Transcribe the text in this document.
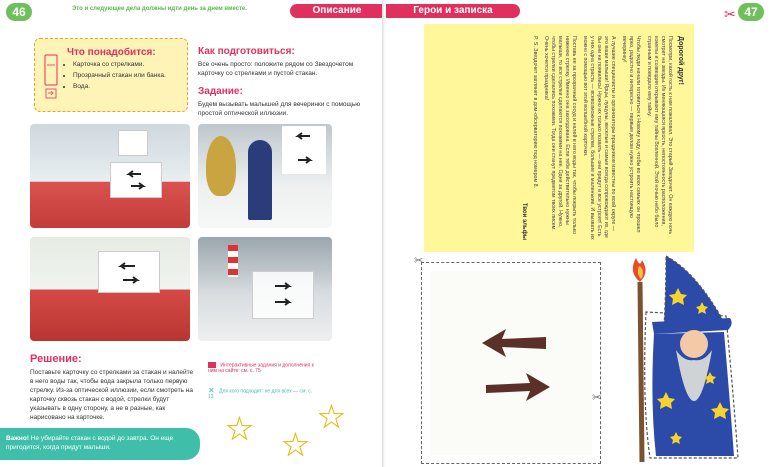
46	Это и следующее дела должны идти день за днем вместе.	Описание
Что понадобится:
• Карточка со стрелками.
• Прозрачный стакан или банка.
• Вода.
Как подготовиться:
Все очень просто: положите рядом со Звездочетом карточку со стрелками и пустой стакан.
Задание:
Будем вызывать малышей для вечеринки с помощью простой оптической иллюзии.
Решение:
Поставьте карточку со стрелками за стакан и налейте в него воды так, чтобы вода закрыла только первую стрелку. Из-за оптической иллюзии, если смотреть на карточку сквозь стакан с водой, стрелки будут указывать в одну сторону, а не в разные, как нарисовано на карточке.
Интерактивные задания и дополнения к ним на сайте: см. с. 75
✕ Для кого подходит: не для всех — см. с. 13
★ ★
★
Важно! Не убирайте стакан с водой до завтра. Он еще пригодится, когда придут малыши.
Герои и записка	✂ 47
Дорогой друг!

Посмотри, какой гость к нам пожаловал. Это старый Звездочет. Он каждую ночь смотрит на звезды. Их меняющаяся яркость, непостоянность расположения, кометы и созвездия открывают ему тайны Вселенной. Этой ночью небо было странным и поведало ему тайну.

Чтобы люди начали готовиться к Новому году, чтобы во всех семьях он прошел ярко, радостно и интересно — первым делом нужно устроить настоящую вечеринку!

А лучшие специалисты и организаторы праздников известны по всей округе — это ваши малыши! Ярцы, лущуны, веселые и самые всегда сопровождают их, где бы они ни появились! Нужно их только позвать — они придут и все устроят! Есть у них одна страсть — всевозможные стрелки, большие и маленькие. И вызвать их можно с помощью вот этой волшебной карточки.

Поставь ее за прозрачный сосуд и налей в него воды так, чтобы покрыть только нижнюю стрелку. Именно она заколдована. Если тебе действительно нужны малыши, то все стрелки сделаются похожими на нее. Одни за другой. Нужно, чтобы стрелки сделались похожими. Тогда они станут предметом твоих писем. Очень хочется праздника!

P. S. Звездочет заглянет в дом-обсерваторию под номером 8.

Твои эльфы
✂
✂
